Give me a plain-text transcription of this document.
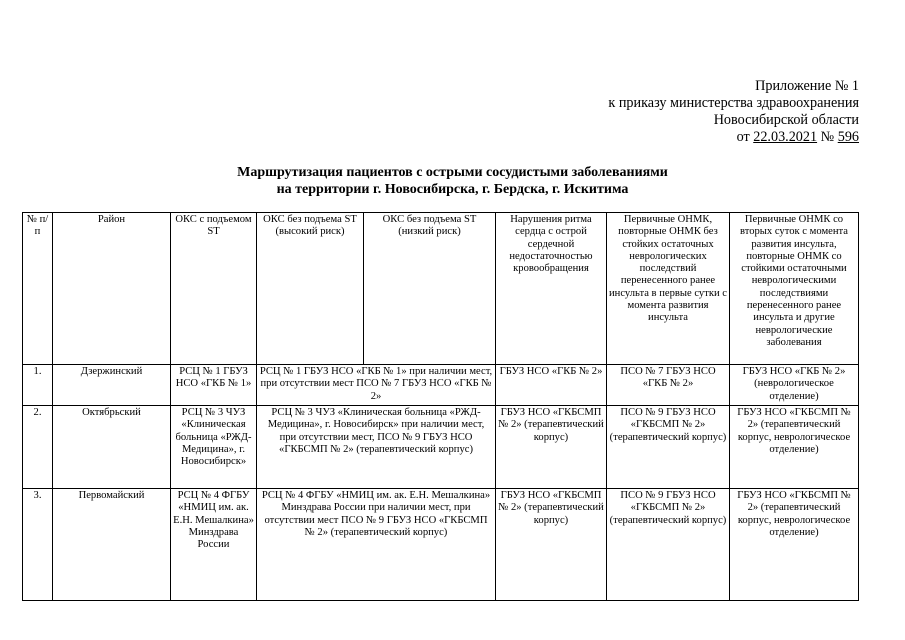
Приложение № 1
к приказу министерства здравоохранения
Новосибирской области
от 22.03.2021 № 596
Маршрутизация пациентов с острыми сосудистыми заболеваниями
на территории г. Новосибирска, г. Бердска, г. Искитима
№ п/п	Район	ОКС с подъемом ST	ОКС без подъема ST (высокий риск)	ОКС без подъема ST (низкий риск)	Нарушения ритма сердца с острой сердечной недостаточностью кровообращения	Первичные ОНМК, повторные ОНМК без стойких остаточных неврологических последствий перенесенного ранее инсульта в первые сутки с момента развития инсульта	Первичные ОНМК со вторых суток с момента развития инсульта, повторные ОНМК со стойкими остаточными неврологическими последствиями перенесенного ранее инсульта и другие неврологические заболевания
1.	Дзержинский	РСЦ № 1 ГБУЗ НСО «ГКБ № 1»	РСЦ № 1 ГБУЗ НСО «ГКБ № 1» при наличии мест, при отсутствии мест ПСО № 7 ГБУЗ НСО «ГКБ № 2»		ГБУЗ НСО «ГКБ № 2»	ПСО № 7 ГБУЗ НСО «ГКБ № 2»	ГБУЗ НСО «ГКБ № 2» (неврологическое отделение)
2.	Октябрьский	РСЦ № 3 ЧУЗ «Клиническая больница «РЖД-Медицина», г. Новосибирск»	РСЦ № 3 ЧУЗ «Клиническая больница «РЖД-Медицина», г. Новосибирск» при наличии мест, при отсутствии мест, ПСО № 9 ГБУЗ НСО «ГКБСМП № 2» (терапевтический корпус)		ГБУЗ НСО «ГКБСМП № 2» (терапевтический корпус)	ПСО № 9 ГБУЗ НСО «ГКБСМП № 2» (терапевтический корпус)	ГБУЗ НСО «ГКБСМП № 2» (терапевтический корпус, неврологическое отделение)
3.	Первомайский	РСЦ № 4 ФГБУ «НМИЦ им. ак. Е.Н. Мешалкина» Минздрава России	РСЦ № 4 ФГБУ «НМИЦ им. ак. Е.Н. Мешалкина» Минздрава России при наличии мест, при отсутствии мест ПСО № 9 ГБУЗ НСО «ГКБСМП № 2» (терапевтический корпус)		ГБУЗ НСО «ГКБСМП № 2» (терапевтический корпус)	ПСО № 9 ГБУЗ НСО «ГКБСМП № 2» (терапевтический корпус)	ГБУЗ НСО «ГКБСМП № 2» (терапевтический корпус, неврологическое отделение)
